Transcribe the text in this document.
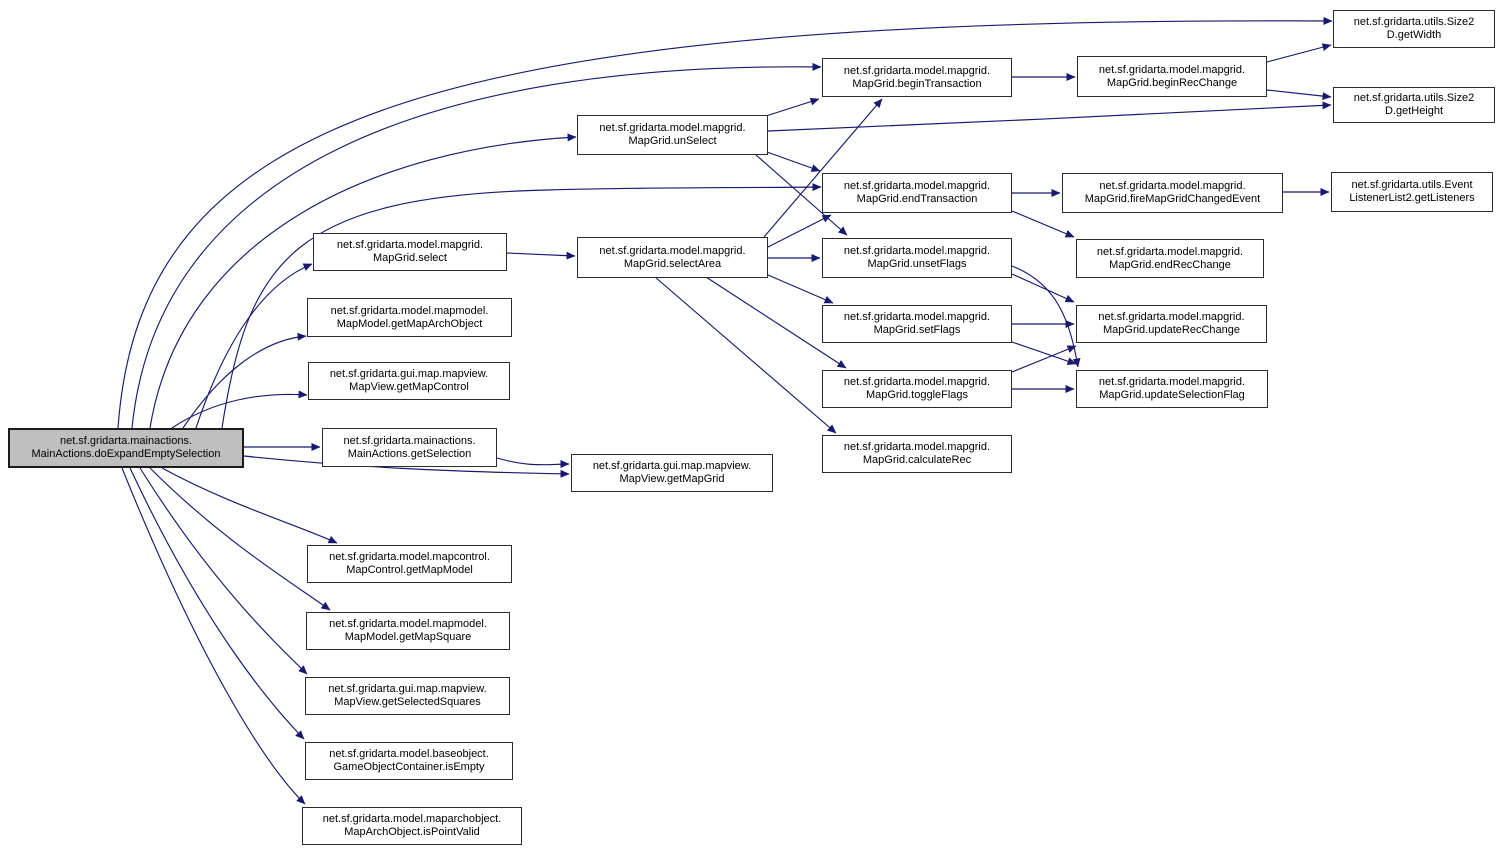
net.sf.gridarta.mainactions.
MainActions.doExpandEmptySelection
net.sf.gridarta.model.mapgrid.
MapGrid.select
net.sf.gridarta.model.mapmodel.
MapModel.getMapArchObject
net.sf.gridarta.gui.map.mapview.
MapView.getMapControl
net.sf.gridarta.mainactions.
MainActions.getSelection
net.sf.gridarta.model.mapcontrol.
MapControl.getMapModel
net.sf.gridarta.model.mapmodel.
MapModel.getMapSquare
net.sf.gridarta.gui.map.mapview.
MapView.getSelectedSquares
net.sf.gridarta.model.baseobject.
GameObjectContainer.isEmpty
net.sf.gridarta.model.maparchobject.
MapArchObject.isPointValid
net.sf.gridarta.model.mapgrid.
MapGrid.unSelect
net.sf.gridarta.model.mapgrid.
MapGrid.selectArea
net.sf.gridarta.gui.map.mapview.
MapView.getMapGrid
net.sf.gridarta.model.mapgrid.
MapGrid.beginTransaction
net.sf.gridarta.model.mapgrid.
MapGrid.endTransaction
net.sf.gridarta.model.mapgrid.
MapGrid.unsetFlags
net.sf.gridarta.model.mapgrid.
MapGrid.setFlags
net.sf.gridarta.model.mapgrid.
MapGrid.toggleFlags
net.sf.gridarta.model.mapgrid.
MapGrid.calculateRec
net.sf.gridarta.model.mapgrid.
MapGrid.beginRecChange
net.sf.gridarta.model.mapgrid.
MapGrid.fireMapGridChangedEvent
net.sf.gridarta.model.mapgrid.
MapGrid.endRecChange
net.sf.gridarta.model.mapgrid.
MapGrid.updateRecChange
net.sf.gridarta.model.mapgrid.
MapGrid.updateSelectionFlag
net.sf.gridarta.utils.Size2
D.getWidth
net.sf.gridarta.utils.Size2
D.getHeight
net.sf.gridarta.utils.Event
ListenerList2.getListeners
